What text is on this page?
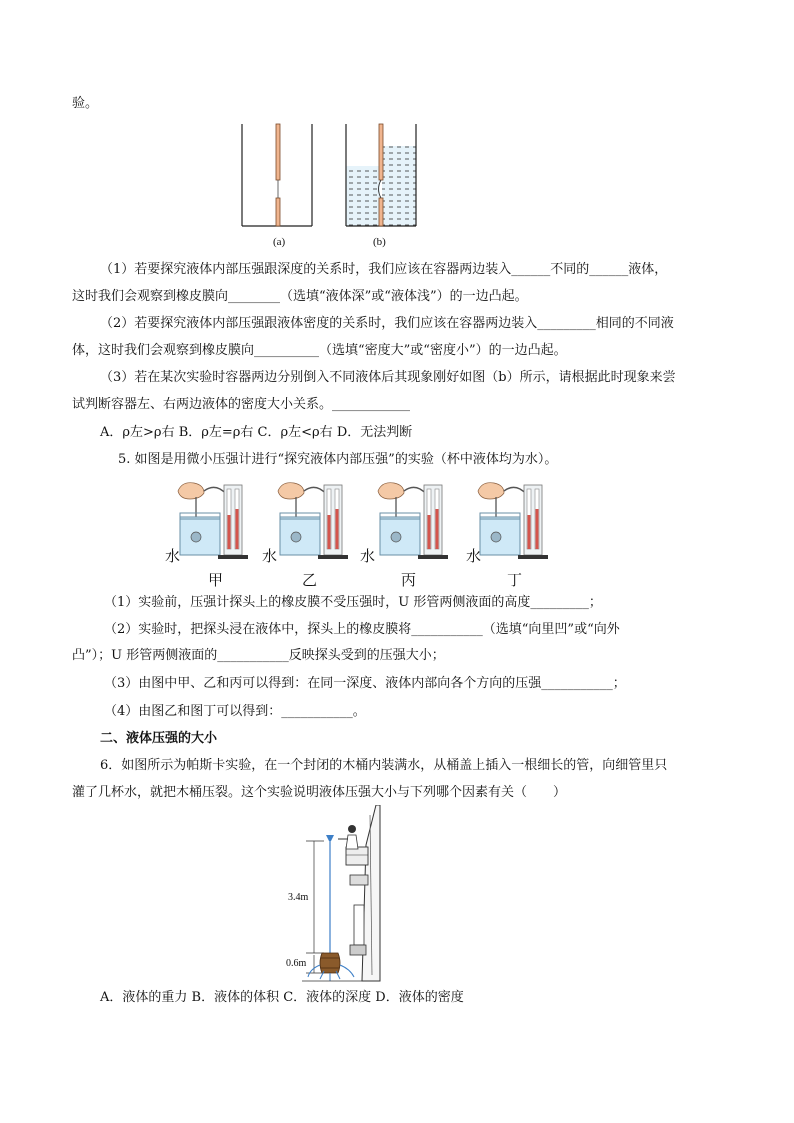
验。
(a)	(b)
（1）若要探究液体内部压强跟深度的关系时，我们应该在容器两边装入______不同的______液体，
这时我们会观察到橡皮膜向________（选填“液体深”或“液体浅”）的一边凸起。
（2）若要探究液体内部压强跟液体密度的关系时，我们应该在容器两边装入_________相同的不同液
体，这时我们会观察到橡皮膜向__________（选填“密度大”或“密度小”）的一边凸起。
（3）若在某次实验时容器两边分别倒入不同液体后其现象刚好如图（b）所示，请根据此时现象来尝
试判断容器左、右两边液体的密度大小关系。____________
A．ρ左>ρ右 B．ρ左=ρ右 C．ρ左<ρ右 D．无法判断
5. 如图是用微小压强计进行“探究液体内部压强”的实验（杯中液体均为水）。
水	水	水	水
甲	乙	丙	丁
（1）实验前，压强计探头上的橡皮膜不受压强时，U 形管两侧液面的高度_________；
（2）实验时，把探头浸在液体中，探头上的橡皮膜将___________（选填“向里凹”或“向外
凸”）；U 形管两侧液面的___________反映探头受到的压强大小；
（3）由图中甲、乙和丙可以得到：在同一深度、液体内部向各个方向的压强___________；
（4）由图乙和图丁可以得到：___________。
二、液体压强的大小
6．如图所示为帕斯卡实验，在一个封闭的木桶内装满水，从桶盖上插入一根细长的管，向细管里只
灌了几杯水，就把木桶压裂。这个实验说明液体压强大小与下列哪个因素有关（　　）
3.4m
0.6m
A．液体的重力 B．液体的体积 C．液体的深度 D．液体的密度
